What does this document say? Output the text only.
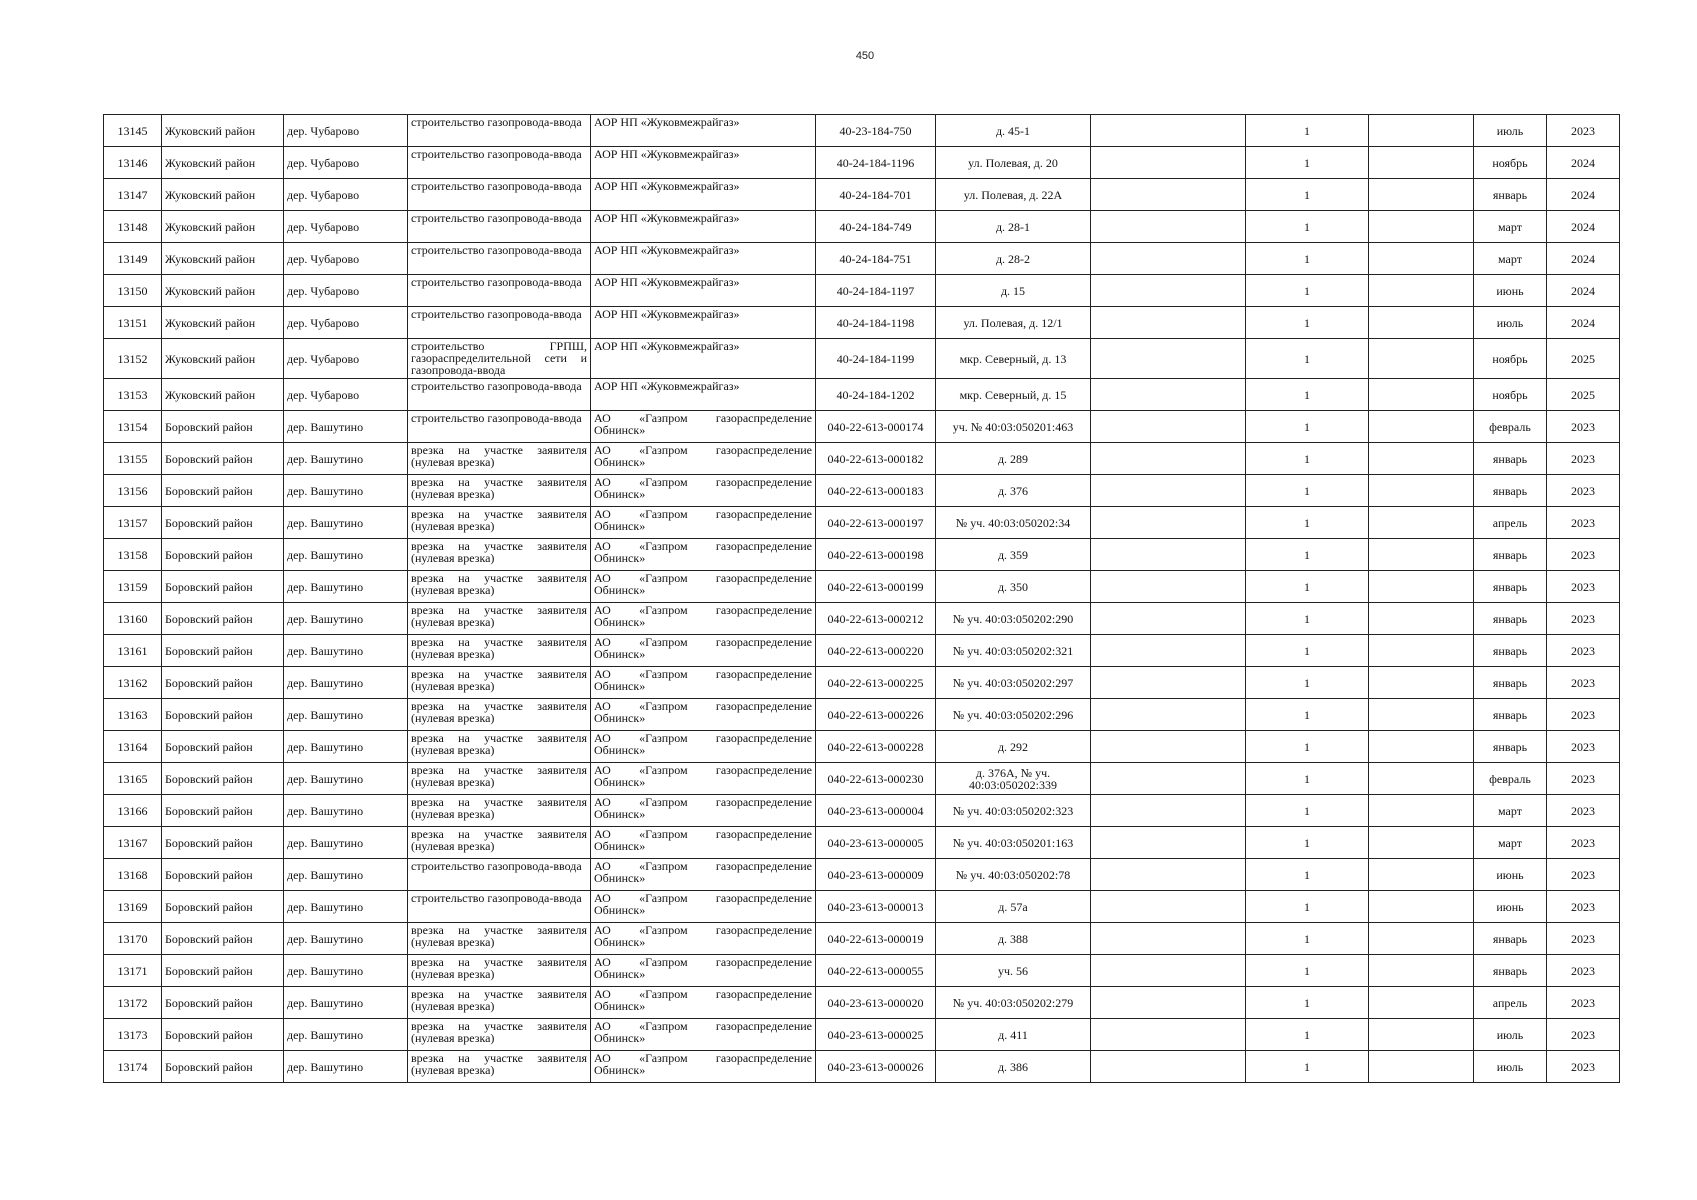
450
13145	Жуковский район	дер. Чубарово	строительство газопровода-ввода	АОР НП «Жуковмежрайгаз»	40-23-184-750	д. 45-1		1		июль	2023
13146	Жуковский район	дер. Чубарово	строительство газопровода-ввода	АОР НП «Жуковмежрайгаз»	40-24-184-1196	ул. Полевая, д. 20		1		ноябрь	2024
13147	Жуковский район	дер. Чубарово	строительство газопровода-ввода	АОР НП «Жуковмежрайгаз»	40-24-184-701	ул. Полевая, д. 22А		1		январь	2024
13148	Жуковский район	дер. Чубарово	строительство газопровода-ввода	АОР НП «Жуковмежрайгаз»	40-24-184-749	д. 28-1		1		март	2024
13149	Жуковский район	дер. Чубарово	строительство газопровода-ввода	АОР НП «Жуковмежрайгаз»	40-24-184-751	д. 28-2		1		март	2024
13150	Жуковский район	дер. Чубарово	строительство газопровода-ввода	АОР НП «Жуковмежрайгаз»	40-24-184-1197	д. 15		1		июнь	2024
13151	Жуковский район	дер. Чубарово	строительство газопровода-ввода	АОР НП «Жуковмежрайгаз»	40-24-184-1198	ул. Полевая, д. 12/1		1		июль	2024
13152	Жуковский район	дер. Чубарово	строительство ГРПШ, газораспределительной сети и газопровода-ввода	АОР НП «Жуковмежрайгаз»	40-24-184-1199	мкр. Северный, д. 13		1		ноябрь	2025
13153	Жуковский район	дер. Чубарово	строительство газопровода-ввода	АОР НП «Жуковмежрайгаз»	40-24-184-1202	мкр. Северный, д. 15		1		ноябрь	2025
13154	Боровский район	дер. Вашутино	строительство газопровода-ввода	АО «Газпром газораспределение Обнинск»	040-22-613-000174	уч. № 40:03:050201:463		1		февраль	2023
13155	Боровский район	дер. Вашутино	врезка на участке заявителя (нулевая врезка)	АО «Газпром газораспределение Обнинск»	040-22-613-000182	д. 289		1		январь	2023
13156	Боровский район	дер. Вашутино	врезка на участке заявителя (нулевая врезка)	АО «Газпром газораспределение Обнинск»	040-22-613-000183	д. 376		1		январь	2023
13157	Боровский район	дер. Вашутино	врезка на участке заявителя (нулевая врезка)	АО «Газпром газораспределение Обнинск»	040-22-613-000197	№ уч. 40:03:050202:34		1		апрель	2023
13158	Боровский район	дер. Вашутино	врезка на участке заявителя (нулевая врезка)	АО «Газпром газораспределение Обнинск»	040-22-613-000198	д. 359		1		январь	2023
13159	Боровский район	дер. Вашутино	врезка на участке заявителя (нулевая врезка)	АО «Газпром газораспределение Обнинск»	040-22-613-000199	д. 350		1		январь	2023
13160	Боровский район	дер. Вашутино	врезка на участке заявителя (нулевая врезка)	АО «Газпром газораспределение Обнинск»	040-22-613-000212	№ уч. 40:03:050202:290		1		январь	2023
13161	Боровский район	дер. Вашутино	врезка на участке заявителя (нулевая врезка)	АО «Газпром газораспределение Обнинск»	040-22-613-000220	№ уч. 40:03:050202:321		1		январь	2023
13162	Боровский район	дер. Вашутино	врезка на участке заявителя (нулевая врезка)	АО «Газпром газораспределение Обнинск»	040-22-613-000225	№ уч. 40:03:050202:297		1		январь	2023
13163	Боровский район	дер. Вашутино	врезка на участке заявителя (нулевая врезка)	АО «Газпром газораспределение Обнинск»	040-22-613-000226	№ уч. 40:03:050202:296		1		январь	2023
13164	Боровский район	дер. Вашутино	врезка на участке заявителя (нулевая врезка)	АО «Газпром газораспределение Обнинск»	040-22-613-000228	д. 292		1		январь	2023
13165	Боровский район	дер. Вашутино	врезка на участке заявителя (нулевая врезка)	АО «Газпром газораспределение Обнинск»	040-22-613-000230	д. 376А, № уч. 40:03:050202:339		1		февраль	2023
13166	Боровский район	дер. Вашутино	врезка на участке заявителя (нулевая врезка)	АО «Газпром газораспределение Обнинск»	040-23-613-000004	№ уч. 40:03:050202:323		1		март	2023
13167	Боровский район	дер. Вашутино	врезка на участке заявителя (нулевая врезка)	АО «Газпром газораспределение Обнинск»	040-23-613-000005	№ уч. 40:03:050201:163		1		март	2023
13168	Боровский район	дер. Вашутино	строительство газопровода-ввода	АО «Газпром газораспределение Обнинск»	040-23-613-000009	№ уч. 40:03:050202:78		1		июнь	2023
13169	Боровский район	дер. Вашутино	строительство газопровода-ввода	АО «Газпром газораспределение Обнинск»	040-23-613-000013	д. 57а		1		июнь	2023
13170	Боровский район	дер. Вашутино	врезка на участке заявителя (нулевая врезка)	АО «Газпром газораспределение Обнинск»	040-22-613-000019	д. 388		1		январь	2023
13171	Боровский район	дер. Вашутино	врезка на участке заявителя (нулевая врезка)	АО «Газпром газораспределение Обнинск»	040-22-613-000055	уч. 56		1		январь	2023
13172	Боровский район	дер. Вашутино	врезка на участке заявителя (нулевая врезка)	АО «Газпром газораспределение Обнинск»	040-23-613-000020	№ уч. 40:03:050202:279		1		апрель	2023
13173	Боровский район	дер. Вашутино	врезка на участке заявителя (нулевая врезка)	АО «Газпром газораспределение Обнинск»	040-23-613-000025	д. 411		1		июль	2023
13174	Боровский район	дер. Вашутино	врезка на участке заявителя (нулевая врезка)	АО «Газпром газораспределение Обнинск»	040-23-613-000026	д. 386		1		июль	2023
